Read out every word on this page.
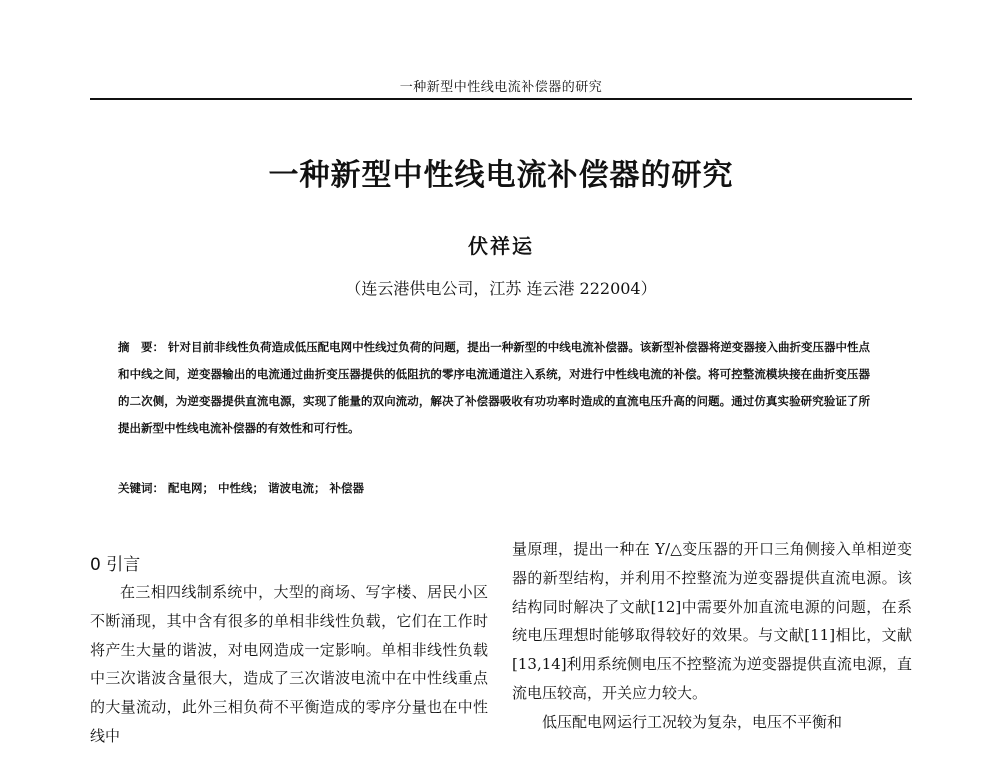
一种新型中性线电流补偿器的研究
一种新型中性线电流补偿器的研究
伏祥运
（连云港供电公司，江苏 连云港 222004）
摘　要： 针对目前非线性负荷造成低压配电网中性线过负荷的问题，提出一种新型的中线电流补偿器。该新型补偿器将逆变器接入曲折变压器中性点和中线之间，逆变器输出的电流通过曲折变压器提供的低阻抗的零序电流通道注入系统，对进行中性线电流的补偿。将可控整流模块接在曲折变压器的二次侧，为逆变器提供直流电源，实现了能量的双向流动，解决了补偿器吸收有功功率时造成的直流电压升高的问题。通过仿真实验研究验证了所提出新型中性线电流补偿器的有效性和可行性。
关键词： 配电网； 中性线； 谐波电流； 补偿器
0 引言

在三相四线制系统中，大型的商场、写字楼、居民小区不断涌现，其中含有很多的单相非线性负载，它们在工作时将产生大量的谐波，对电网造成一定影响。单相非线性负载中三次谐波含量很大，造成了三次谐波电流中在中性线重点的大量流动，此外三相负荷不平衡造成的零序分量也在中性线中

量原理，提出一种在 Y/△变压器的开口三角侧接入单相逆变器的新型结构，并利用不控整流为逆变器提供直流电源。该结构同时解决了文献[12]中需要外加直流电源的问题，在系统电压理想时能够取得较好的效果。与文献[11]相比，文献[13,14]利用系统侧电压不控整流为逆变器提供直流电源，直流电压较高，开关应力较大。

低压配电网运行工况较为复杂，电压不平衡和
